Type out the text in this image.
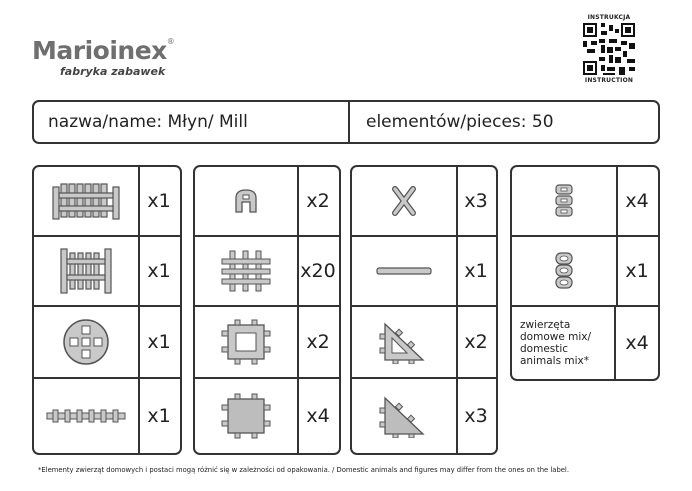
Marioinex®
fabryka zabawek
INSTRUKCJA
INSTRUCTION
nazwa/name: Młyn/ Mill	elementów/pieces: 50
x1
x1
x1
x1
x2
x20
x2
x4
x3
x1
x2
x3
x4
x1
zwierzęta
domowe mix/
domestic
animals mix*
x4
*Elementy zwierząt domowych i postaci mogą różnić się w zależności od opakowania. / Domestic animals and figures may differ from the ones on the label.
